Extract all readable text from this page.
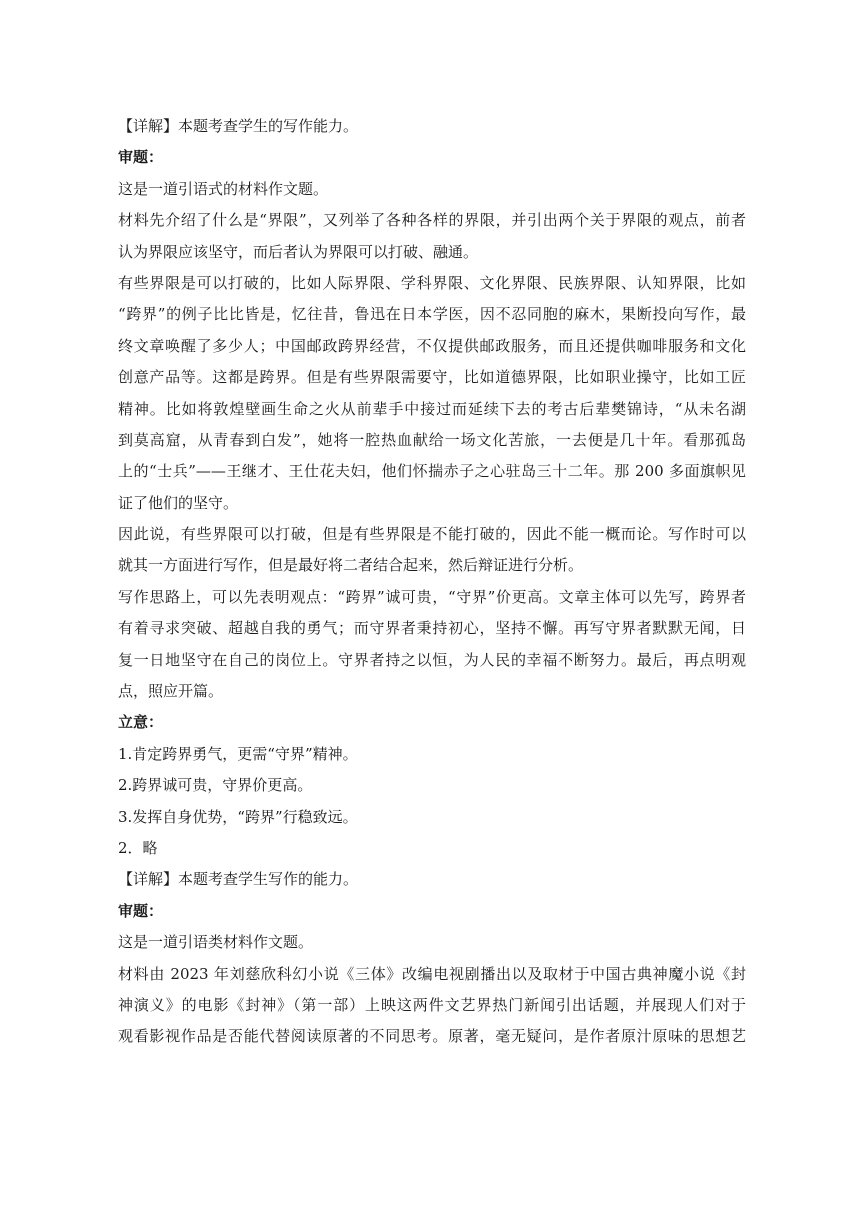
【详解】本题考查学生的写作能力。
审题：
这是一道引语式的材料作文题。
材料先介绍了什么是“界限”，又列举了各种各样的界限，并引出两个关于界限的观点，前者
认为界限应该坚守，而后者认为界限可以打破、融通。
有些界限是可以打破的，比如人际界限、学科界限、文化界限、民族界限、认知界限，比如
“跨界”的例子比比皆是，忆往昔，鲁迅在日本学医，因不忍同胞的麻木，果断投向写作，最
终文章唤醒了多少人；中国邮政跨界经营，不仅提供邮政服务，而且还提供咖啡服务和文化
创意产品等。这都是跨界。但是有些界限需要守，比如道德界限，比如职业操守，比如工匠
精神。比如将敦煌壁画生命之火从前辈手中接过而延续下去的考古后辈樊锦诗，“从未名湖
到莫高窟，从青春到白发”，她将一腔热血献给一场文化苦旅，一去便是几十年。看那孤岛
上的“士兵”——王继才、王仕花夫妇，他们怀揣赤子之心驻岛三十二年。那 200 多面旗帜见
证了他们的坚守。
因此说，有些界限可以打破，但是有些界限是不能打破的，因此不能一概而论。写作时可以
就其一方面进行写作，但是最好将二者结合起来，然后辩证进行分析。
写作思路上，可以先表明观点：“跨界”诚可贵，“守界”价更高。文章主体可以先写，跨界者
有着寻求突破、超越自我的勇气；而守界者秉持初心，坚持不懈。再写守界者默默无闻，日
复一日地坚守在自己的岗位上。守界者持之以恒，为人民的幸福不断努力。最后，再点明观
点，照应开篇。
立意：
1.肯定跨界勇气，更需“守界”精神。
2.跨界诚可贵，守界价更高。
3.发挥自身优势，“跨界”行稳致远。
2．略
【详解】本题考查学生写作的能力。
审题：
这是一道引语类材料作文题。
材料由 2023 年刘慈欣科幻小说《三体》改编电视剧播出以及取材于中国古典神魔小说《封
神演义》的电影《封神》（第一部）上映这两件文艺界热门新闻引出话题，并展现人们对于
观看影视作品是否能代替阅读原著的不同思考。原著，毫无疑问，是作者原汁原味的思想艺
